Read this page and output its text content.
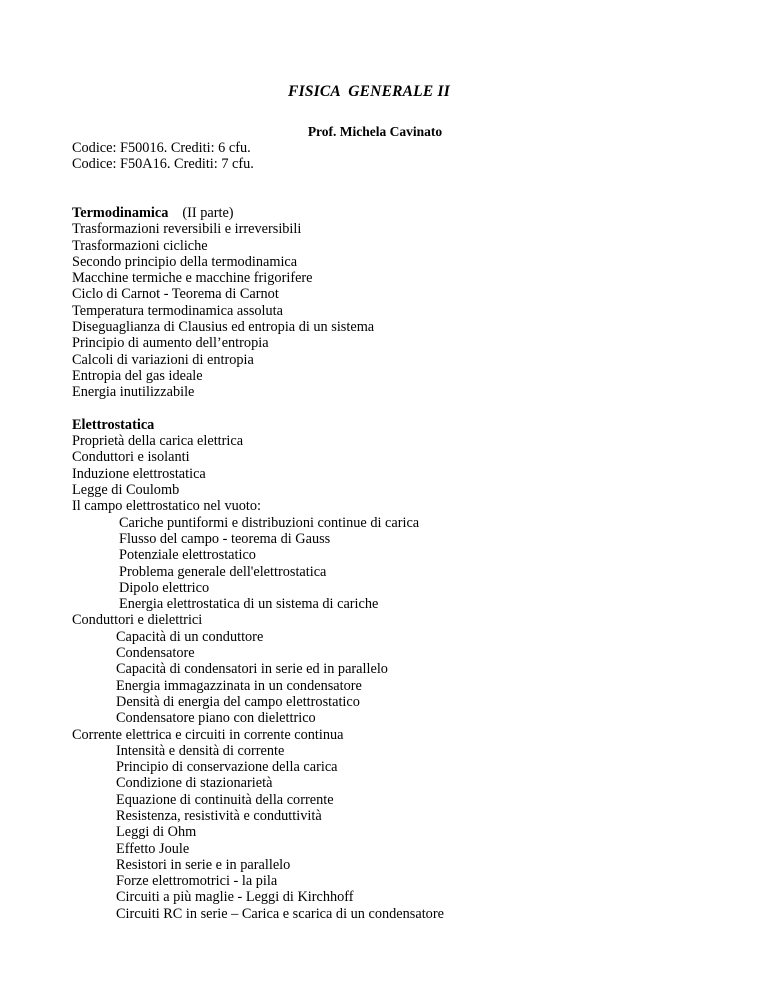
FISICA  GENERALE II
Prof. Michela Cavinato
Codice: F50016. Crediti: 6 cfu.
Codice: F50A16. Crediti: 7 cfu.
Termodinamica (II parte)
Trasformazioni reversibili e irreversibili
Trasformazioni cicliche
Secondo principio della termodinamica
Macchine termiche e macchine frigorifere
Ciclo di Carnot - Teorema di Carnot
Temperatura termodinamica assoluta
Diseguaglianza di Clausius ed entropia di un sistema
Principio di aumento dell’entropia
Calcoli di variazioni di entropia
Entropia del gas ideale
Energia inutilizzabile
Elettrostatica
Proprietà della carica elettrica
Conduttori e isolanti
Induzione elettrostatica
Legge di Coulomb
Il campo elettrostatico nel vuoto:
Cariche puntiformi e distribuzioni continue di carica
Flusso del campo - teorema di Gauss
Potenziale elettrostatico
Problema generale dell'elettrostatica
Dipolo elettrico
Energia elettrostatica di un sistema di cariche
Conduttori e dielettrici
Capacità di un conduttore
Condensatore
Capacità di condensatori in serie ed in parallelo
Energia immagazzinata in un condensatore
Densità di energia del campo elettrostatico
Condensatore piano con dielettrico
Corrente elettrica e circuiti in corrente continua
Intensità e densità di corrente
Principio di conservazione della carica
Condizione di stazionarietà
Equazione di continuità della corrente
Resistenza, resistività e conduttività
Leggi di Ohm
Effetto Joule
Resistori in serie e in parallelo
Forze elettromotrici - la pila
Circuiti a più maglie - Leggi di Kirchhoff
Circuiti RC in serie – Carica e scarica di un condensatore
